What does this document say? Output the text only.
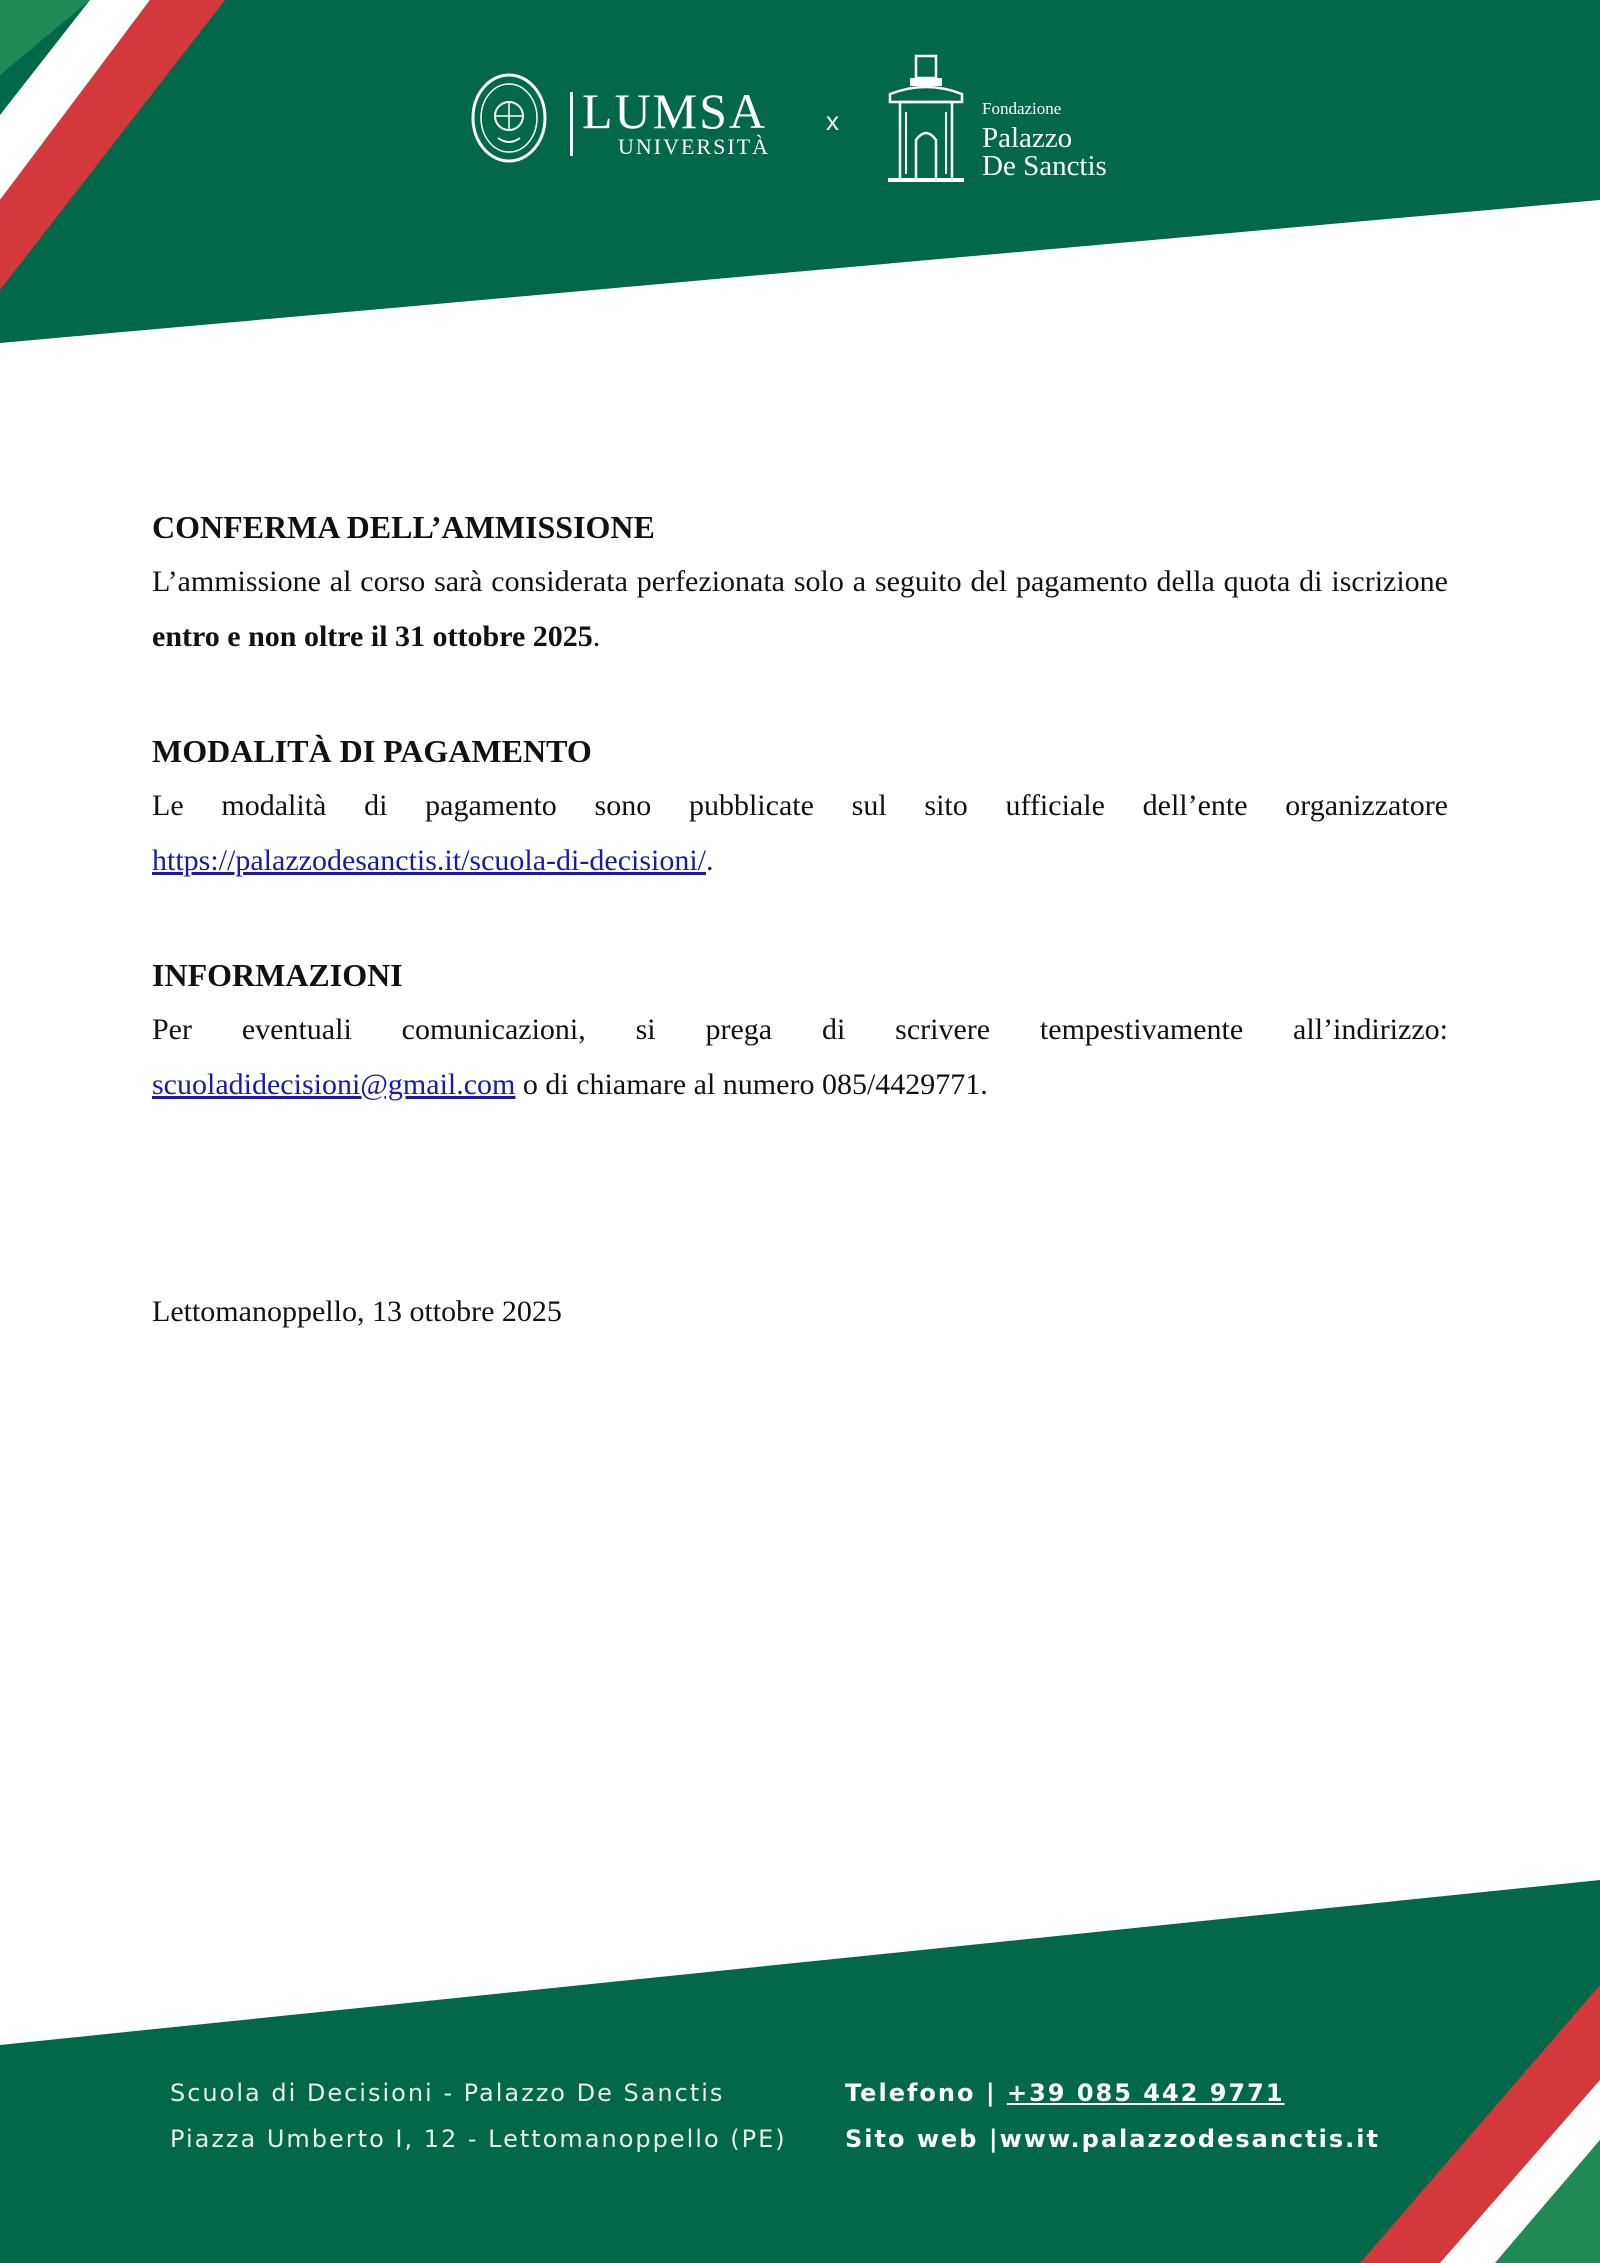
LUMSA
UNIVERSITÀ
x	Fondazione
Palazzo
De Sanctis
CONFERMA DELL’AMMISSIONE

L’ammissione al corso sarà considerata perfezionata solo a seguito del pagamento della quota di iscrizione entro e non oltre il 31 ottobre 2025.

MODALITÀ DI PAGAMENTO

Le modalità di pagamento sono pubblicate sul sito ufficiale dell’ente organizzatore https://palazzodesanctis.it/scuola-di-decisioni/.

INFORMAZIONI

Per eventuali comunicazioni, si prega di scrivere tempestivamente all’indirizzo: scuoladidecisioni@gmail.com o di chiamare al numero 085/4429771.

Lettomanoppello, 13 ottobre 2025
Scuola di Decisioni - Palazzo De Sanctis
Piazza Umberto I, 12 - Lettomanoppello (PE)
Telefono | +39 085 442 9771
Sito web |www.palazzodesanctis.it
